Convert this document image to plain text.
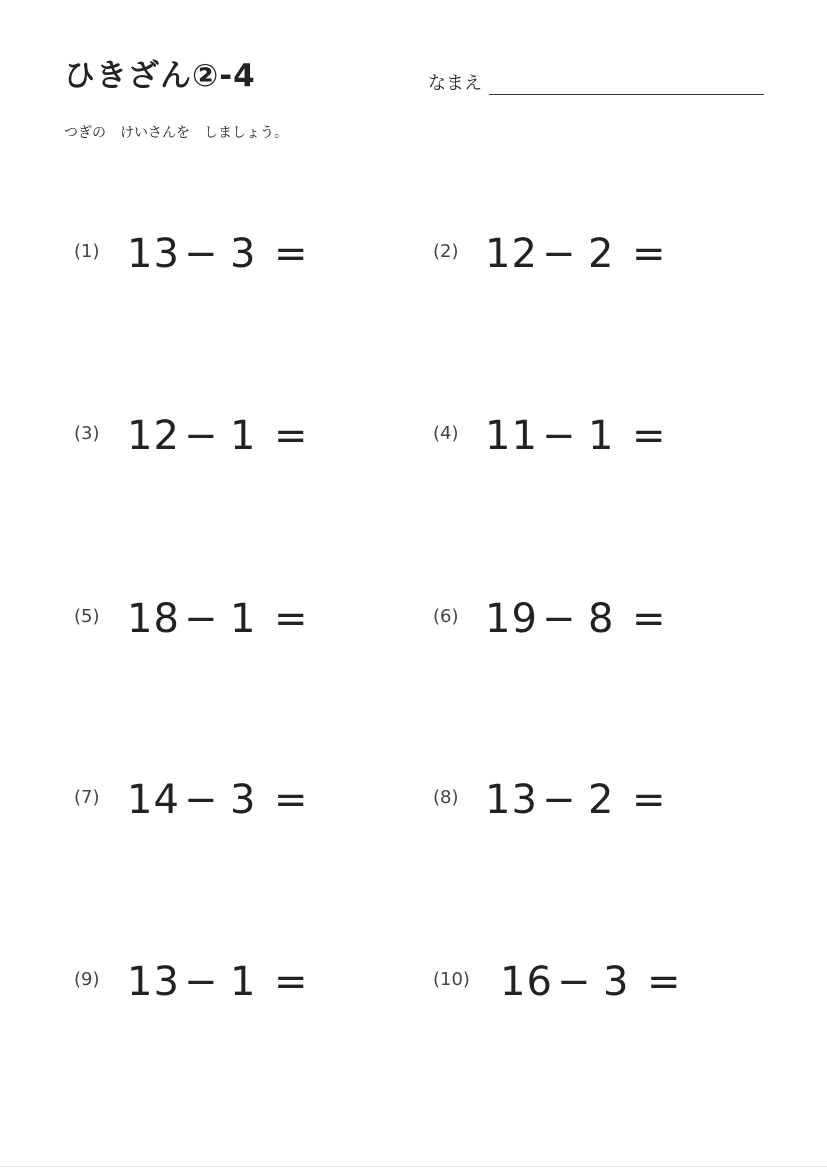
ひきざん②-4	なまえ
つぎの　けいさんを　しましょう。
(1) 13 − 3 =	(2) 12 − 2 =
(3) 12 − 1 =	(4) 11 − 1 =
(5) 18 − 1 =	(6) 19 − 8 =
(7) 14 − 3 =	(8) 13 − 2 =
(9) 13 − 1 =	(10) 16 − 3 =
